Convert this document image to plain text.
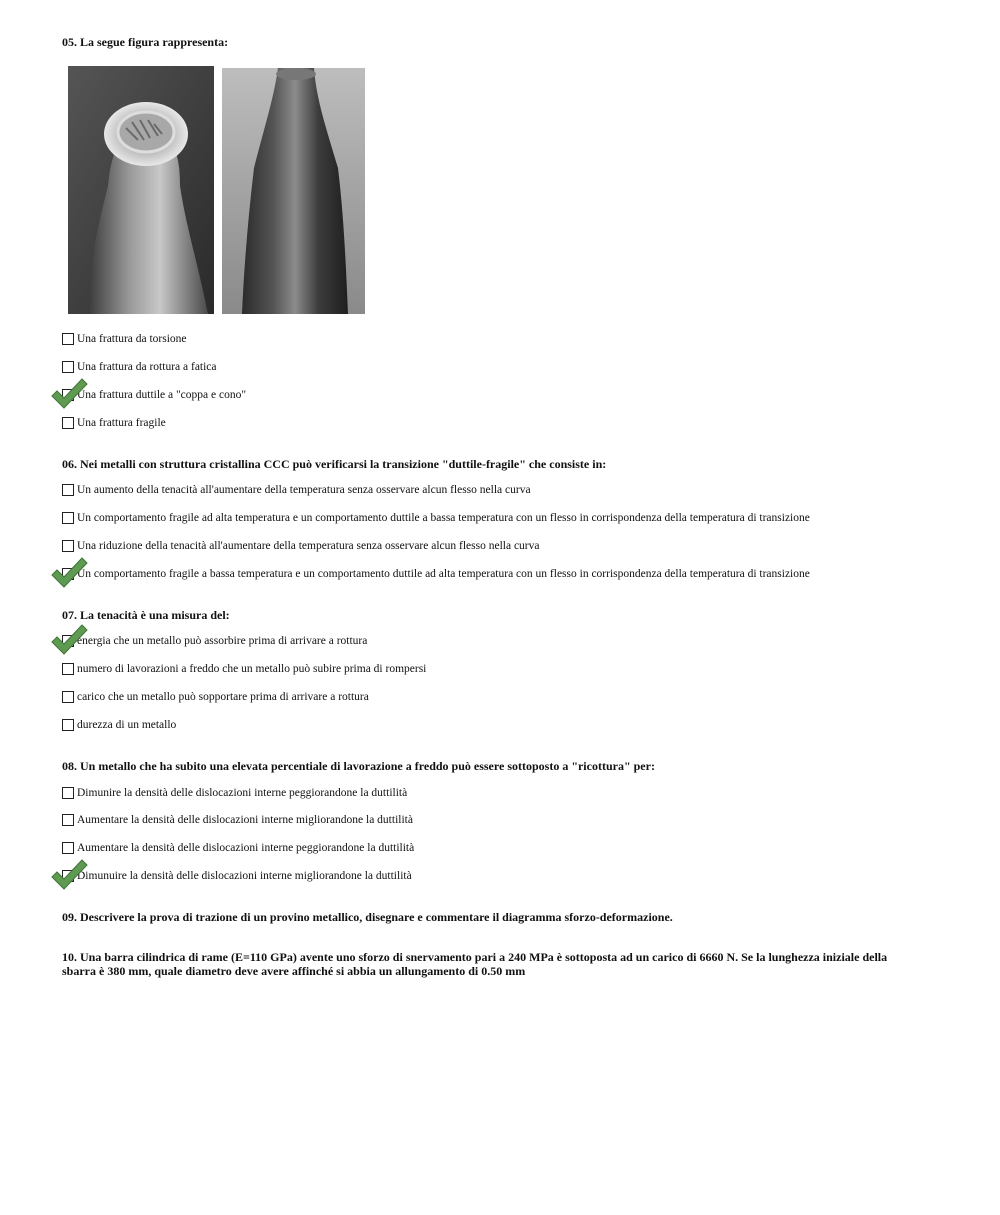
05. La segue figura rappresenta:
Una frattura da torsione
Una frattura da rottura a fatica
Una frattura duttile a "coppa e cono"
Una frattura fragile
06. Nei metalli con struttura cristallina CCC può verificarsi la transizione "duttile-fragile" che consiste in:
Un aumento della tenacità all'aumentare della temperatura senza osservare alcun flesso nella curva
Un comportamento fragile ad alta temperatura e un comportamento duttile a bassa temperatura con un flesso in corrispondenza della temperatura di transizione
Una riduzione della tenacità all'aumentare della temperatura senza osservare alcun flesso nella curva
Un comportamento fragile a bassa temperatura e un comportamento duttile ad alta temperatura con un flesso in corrispondenza della temperatura di transizione
07. La tenacità è una misura del:
energia che un metallo può assorbire prima di arrivare a rottura
numero di lavorazioni a freddo che un metallo può subire prima di rompersi
carico che un metallo può sopportare prima di arrivare a rottura
durezza di un metallo
08. Un metallo che ha subito una elevata percentiale di lavorazione a freddo può essere sottoposto a "ricottura" per:
Dimunire la densità delle dislocazioni interne peggiorandone la duttilità
Aumentare la densità delle dislocazioni interne migliorandone la duttilità
Aumentare la densità delle dislocazioni interne peggiorandone la duttilità
Dimunuire la densità delle dislocazioni interne migliorandone la duttilità
09. Descrivere la prova di trazione di un provino metallico, disegnare e commentare il diagramma sforzo-deformazione.
10. Una barra cilindrica di rame (E=110 GPa) avente uno sforzo di snervamento pari a 240 MPa è sottoposta ad un carico di 6660 N. Se la lunghezza iniziale della sbarra è 380 mm, quale diametro deve avere affinché si abbia un allungamento di 0.50 mm
